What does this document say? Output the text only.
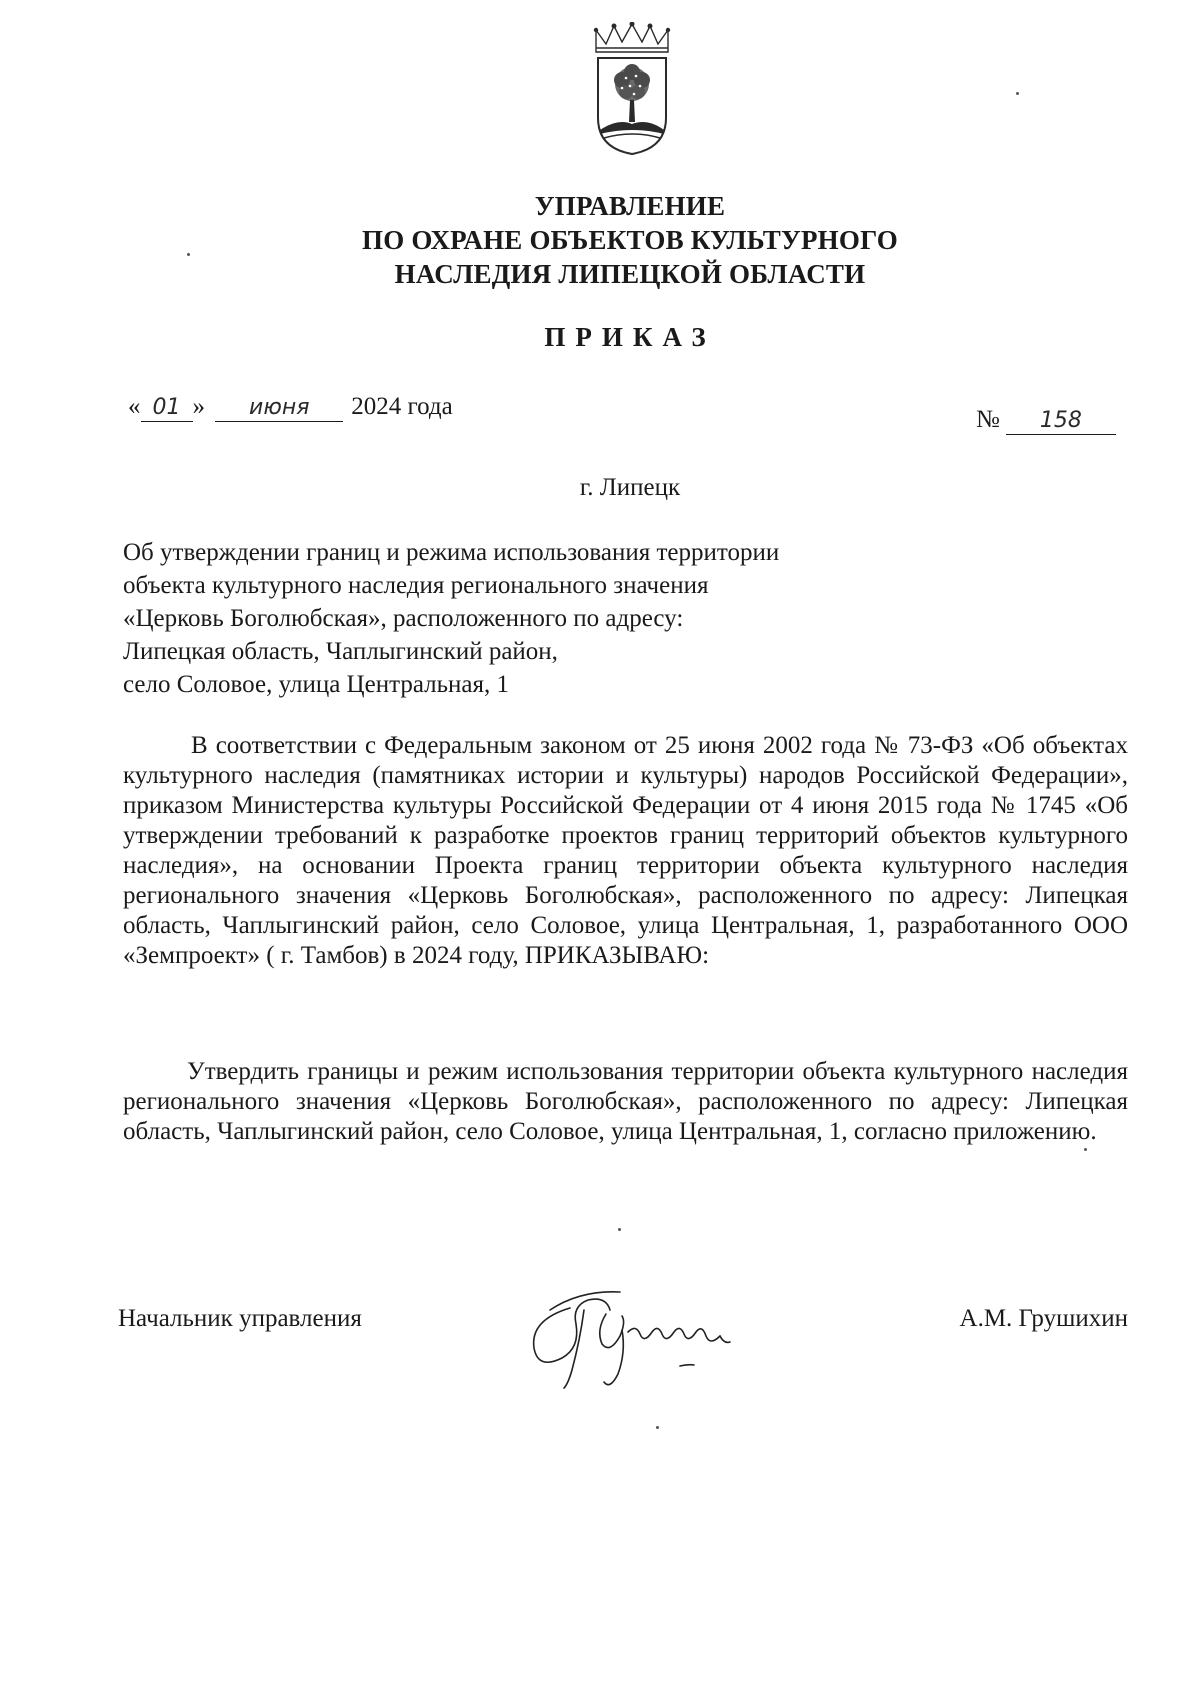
УПРАВЛЕНИЕ
ПО ОХРАНЕ ОБЪЕКТОВ КУЛЬТУРНОГО
НАСЛЕДИЯ ЛИПЕЦКОЙ ОБЛАСТИ
ПРИКАЗ
« 01 » июня 2024 года	№ 158
г. Липецк
Об утверждении границ и режима использования территории
объекта культурного наследия регионального значения
«Церковь Боголюбская», расположенного по адресу:
Липецкая область, Чаплыгинский район,
село Соловое, улица Центральная, 1
В соответствии с Федеральным законом от 25 июня 2002 года № 73-ФЗ «Об объектах культурного наследия (памятниках истории и культуры) народов Российской Федерации», приказом Министерства культуры Российской Федерации от 4 июня 2015 года № 1745 «Об утверждении требований к разработке проектов границ территорий объектов культурного наследия», на основании Проекта границ территории объекта культурного наследия регионального значения «Церковь Боголюбская», расположенного по адресу: Липецкая область, Чаплыгинский район, село Соловое, улица Центральная, 1, разработанного ООО «Земпроект» ( г. Тамбов) в 2024 году, ПРИКАЗЫВАЮ:
Утвердить границы и режим использования территории объекта культурного наследия регионального значения «Церковь Боголюбская», расположенного по адресу: Липецкая область, Чаплыгинский район, село Соловое, улица Центральная, 1, согласно приложению.
Начальник управления	А.М. Грушихин
